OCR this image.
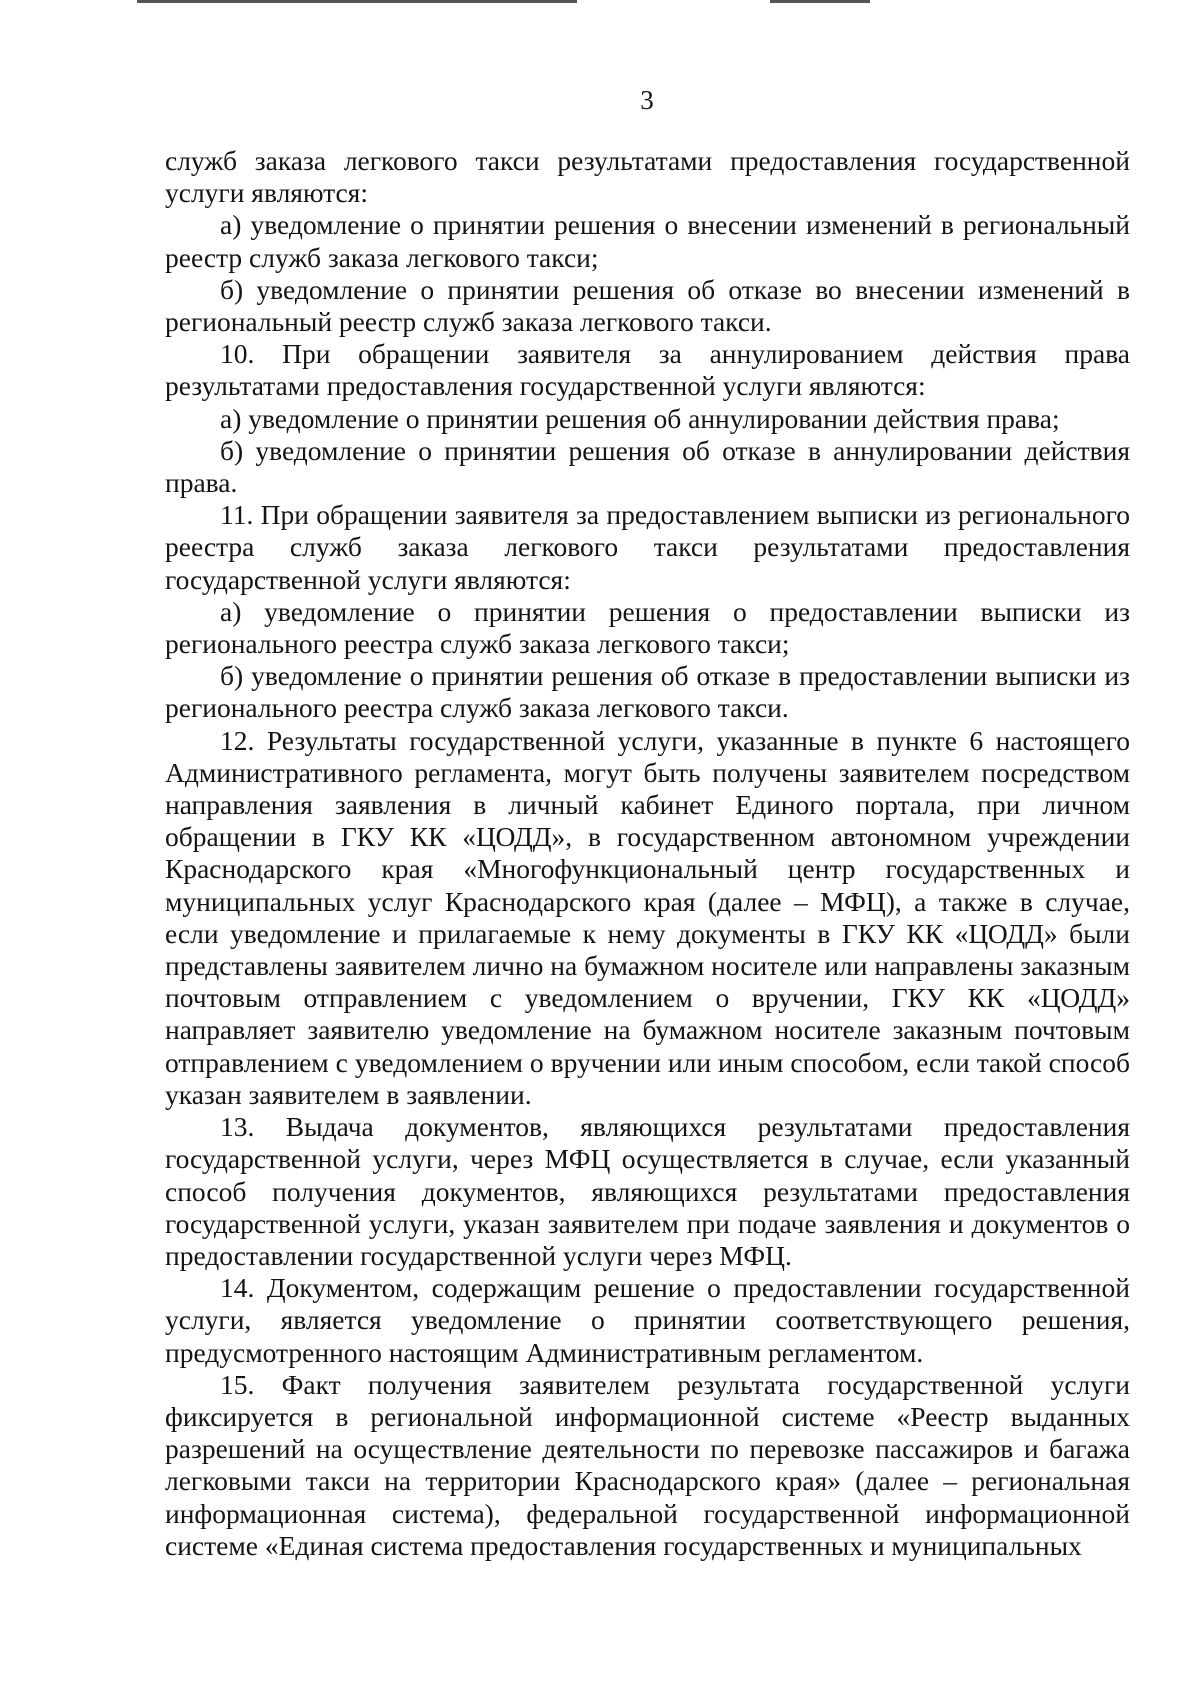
3

служб заказа легкового такси результатами предоставления государственной услуги являются:

а) уведомление о принятии решения о внесении изменений в региональный реестр служб заказа легкового такси;

б) уведомление о принятии решения об отказе во внесении изменений в региональный реестр служб заказа легкового такси.

10. При обращении заявителя за аннулированием действия права результатами предоставления государственной услуги являются:

а) уведомление о принятии решения об аннулировании действия права;

б) уведомление о принятии решения об отказе в аннулировании действия права.

11. При обращении заявителя за предоставлением выписки из регионального реестра служб заказа легкового такси результатами предоставления государственной услуги являются:

а) уведомление о принятии решения о предоставлении выписки из регионального реестра служб заказа легкового такси;

б) уведомление о принятии решения об отказе в предоставлении выписки из регионального реестра служб заказа легкового такси.

12. Результаты государственной услуги, указанные в пункте 6 настоящего Административного регламента, могут быть получены заявителем посредством направления заявления в личный кабинет Единого портала, при личном обращении в ГКУ КК «ЦОДД», в государственном автономном учреждении Краснодарского края «Многофункциональный центр государственных и муниципальных услуг Краснодарского края (далее – МФЦ), а также в случае, если уведомление и прилагаемые к нему документы в ГКУ КК «ЦОДД» были представлены заявителем лично на бумажном носителе или направлены заказным почтовым отправлением с уведомлением о вручении, ГКУ КК «ЦОДД» направляет заявителю уведомление на бумажном носителе заказным почтовым отправлением с уведомлением о вручении или иным способом, если такой способ указан заявителем в заявлении.

13. Выдача документов, являющихся результатами предоставления государственной услуги, через МФЦ осуществляется в случае, если указанный способ получения документов, являющихся результатами предоставления государственной услуги, указан заявителем при подаче заявления и документов о предоставлении государственной услуги через МФЦ.

14. Документом, содержащим решение о предоставлении государственной услуги, является уведомление о принятии соответствующего решения, предусмотренного настоящим Административным регламентом.

15. Факт получения заявителем результата государственной услуги фиксируется в региональной информационной системе «Реестр выданных разрешений на осуществление деятельности по перевозке пассажиров и багажа легковыми такси на территории Краснодарского края» (далее – региональная информационная система), федеральной государственной информационной системе «Единая система предоставления государственных и муниципальных
